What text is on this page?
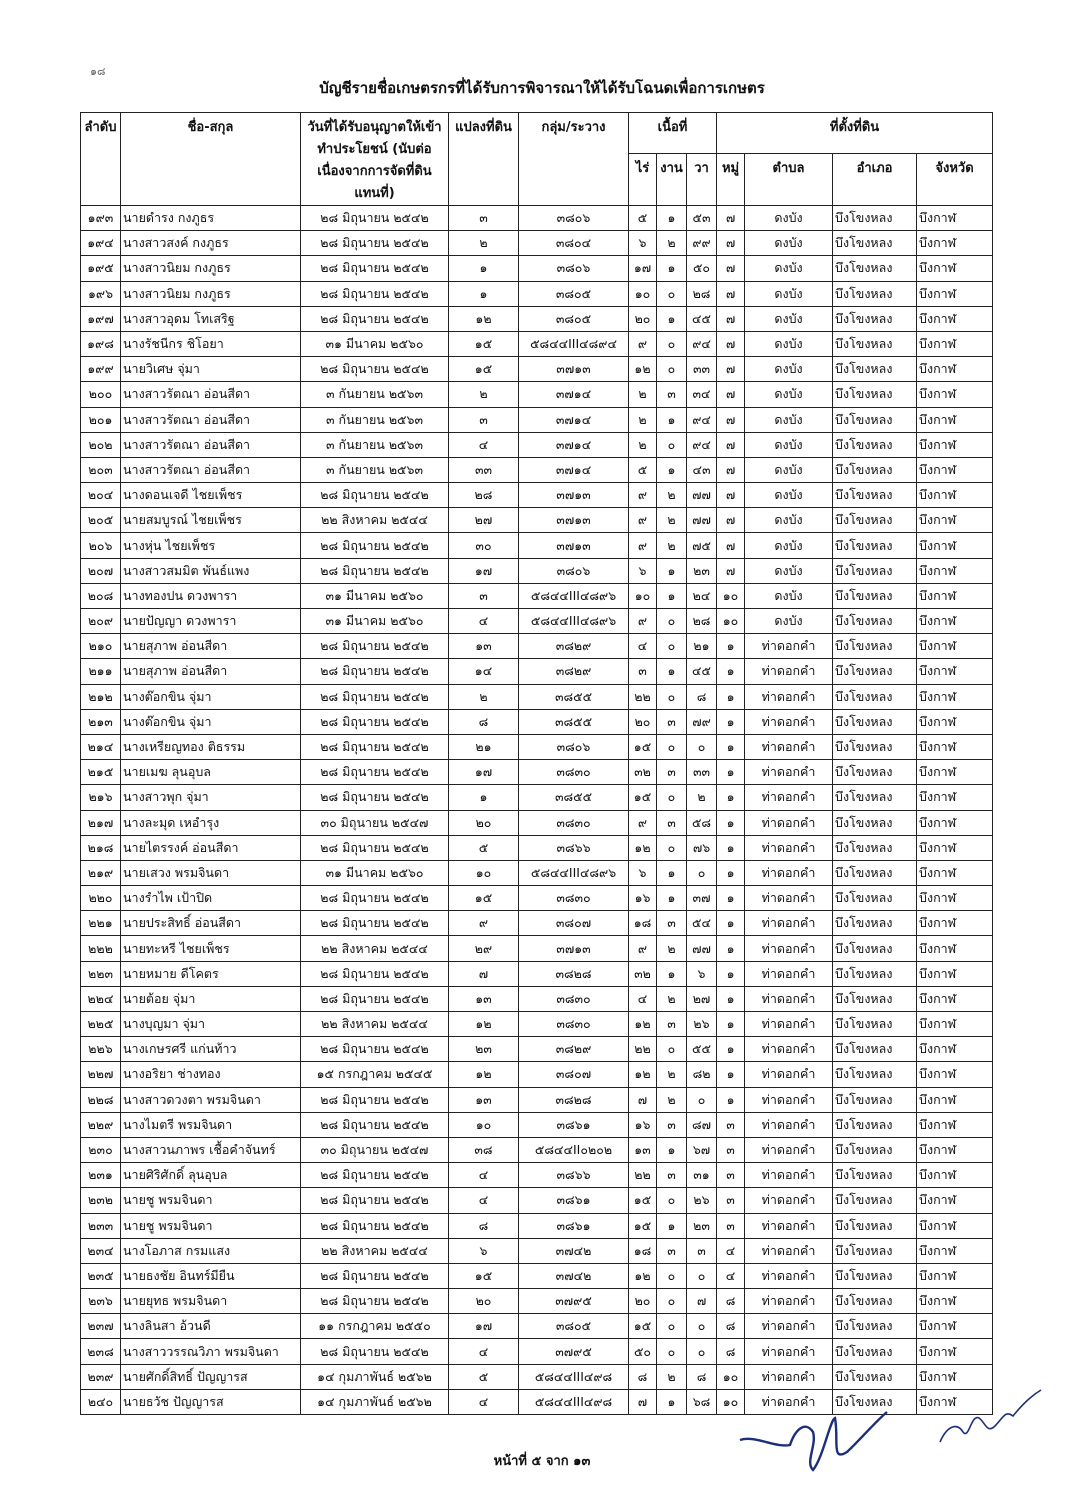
๑๘
บัญชีรายชื่อเกษตรกรที่ได้รับการพิจารณาให้ได้รับโฉนดเพื่อการเกษตร
ลำดับ	ชื่อ-สกุล	วันที่ได้รับอนุญาตให้เข้าทำประโยชน์ (นับต่อเนื่องจากการจัดที่ดินแทนที่)	แปลงที่ดิน	กลุ่ม/ระวาง	เนื้อที่			ที่ตั้งที่ดิน			
					ไร่	งาน	วา	หมู่	ตำบล	อำเภอ	จังหวัด
๑๙๓	นายดำรง กงภูธร	๒๘ มิถุนายน ๒๕๔๒	๓	๓๘๐๖	๕	๑	๕๓	๗	ดงบัง	บึงโขงหลง	บึงกาฬ
๑๙๔	นางสาวสงค์ กงภูธร	๒๘ มิถุนายน ๒๕๔๒	๒	๓๘๐๔	๖	๒	๙๙	๗	ดงบัง	บึงโขงหลง	บึงกาฬ
๑๙๕	นางสาวนิยม กงภูธร	๒๘ มิถุนายน ๒๕๔๒	๑	๓๘๐๖	๑๗	๑	๕๐	๗	ดงบัง	บึงโขงหลง	บึงกาฬ
๑๙๖	นางสาวนิยม กงภูธร	๒๘ มิถุนายน ๒๕๔๒	๑	๓๘๐๕	๑๐	๐	๒๘	๗	ดงบัง	บึงโขงหลง	บึงกาฬ
๑๙๗	นางสาวอุดม โทเสริฐ	๒๘ มิถุนายน ๒๕๔๒	๑๒	๓๘๐๕	๒๐	๑	๔๕	๗	ดงบัง	บึงโขงหลง	บึงกาฬ
๑๙๘	นางรัชนีกร ชิโอยา	๓๑ มีนาคม ๒๕๖๐	๑๕	๕๘๔๔III๔๘๙๔	๙	๐	๙๔	๗	ดงบัง	บึงโขงหลง	บึงกาฬ
๑๙๙	นายวิเศษ จุ่มา	๒๘ มิถุนายน ๒๕๔๒	๑๕	๓๗๑๓	๑๒	๐	๓๓	๗	ดงบัง	บึงโขงหลง	บึงกาฬ
๒๐๐	นางสาวรัตณา อ่อนสีดา	๓ กันยายน ๒๕๖๓	๒	๓๗๑๔	๒	๓	๓๔	๗	ดงบัง	บึงโขงหลง	บึงกาฬ
๒๐๑	นางสาวรัตณา อ่อนสีดา	๓ กันยายน ๒๕๖๓	๓	๓๗๑๔	๒	๑	๙๔	๗	ดงบัง	บึงโขงหลง	บึงกาฬ
๒๐๒	นางสาวรัตณา อ่อนสีดา	๓ กันยายน ๒๕๖๓	๔	๓๗๑๔	๒	๐	๙๔	๗	ดงบัง	บึงโขงหลง	บึงกาฬ
๒๐๓	นางสาวรัตณา อ่อนสีดา	๓ กันยายน ๒๕๖๓	๓๓	๓๗๑๔	๕	๑	๔๓	๗	ดงบัง	บึงโขงหลง	บึงกาฬ
๒๐๔	นางดอนเจดี ไชยเพ็ชร	๒๘ มิถุนายน ๒๕๔๒	๒๘	๓๗๑๓	๙	๒	๗๗	๗	ดงบัง	บึงโขงหลง	บึงกาฬ
๒๐๕	นายสมบูรณ์ ไชยเพ็ชร	๒๒ สิงหาคม ๒๕๔๔	๒๗	๓๗๑๓	๙	๒	๗๗	๗	ดงบัง	บึงโขงหลง	บึงกาฬ
๒๐๖	นางหุ่น ไชยเพ็ชร	๒๘ มิถุนายน ๒๕๔๒	๓๐	๓๗๑๓	๙	๒	๗๕	๗	ดงบัง	บึงโขงหลง	บึงกาฬ
๒๐๗	นางสาวสมมิต พันธ์แพง	๒๘ มิถุนายน ๒๕๔๒	๑๗	๓๘๐๖	๖	๑	๒๓	๗	ดงบัง	บึงโขงหลง	บึงกาฬ
๒๐๘	นางทองปน ดวงพารา	๓๑ มีนาคม ๒๕๖๐	๓	๕๘๔๔III๔๘๙๖	๑๐	๑	๒๔	๑๐	ดงบัง	บึงโขงหลง	บึงกาฬ
๒๐๙	นายปัญญา ดวงพารา	๓๑ มีนาคม ๒๕๖๐	๔	๕๘๔๔III๔๘๙๖	๙	๐	๒๘	๑๐	ดงบัง	บึงโขงหลง	บึงกาฬ
๒๑๐	นายสุภาพ อ่อนสีดา	๒๘ มิถุนายน ๒๕๔๒	๑๓	๓๘๒๙	๔	๐	๒๑	๑	ท่าดอกคำ	บึงโขงหลง	บึงกาฬ
๒๑๑	นายสุภาพ อ่อนสีดา	๒๘ มิถุนายน ๒๕๔๒	๑๔	๓๘๒๙	๓	๑	๔๕	๑	ท่าดอกคำ	บึงโขงหลง	บึงกาฬ
๒๑๒	นางต๊อกขิน จุ่มา	๒๘ มิถุนายน ๒๕๔๒	๒	๓๘๕๕	๒๒	๐	๘	๑	ท่าดอกคำ	บึงโขงหลง	บึงกาฬ
๒๑๓	นางต๊อกขิน จุ่มา	๒๘ มิถุนายน ๒๕๔๒	๘	๓๘๕๕	๒๐	๓	๗๙	๑	ท่าดอกคำ	บึงโขงหลง	บึงกาฬ
๒๑๔	นางเหรียญทอง ติธรรม	๒๘ มิถุนายน ๒๕๔๒	๒๑	๓๘๐๖	๑๕	๐	๐	๑	ท่าดอกคำ	บึงโขงหลง	บึงกาฬ
๒๑๕	นายเมฆ ลุนอุบล	๒๘ มิถุนายน ๒๕๔๒	๑๗	๓๘๓๐	๓๒	๓	๓๓	๑	ท่าดอกคำ	บึงโขงหลง	บึงกาฬ
๒๑๖	นางสาวพุก จุ่มา	๒๘ มิถุนายน ๒๕๔๒	๑	๓๘๕๕	๑๕	๐	๒	๑	ท่าดอกคำ	บึงโขงหลง	บึงกาฬ
๒๑๗	นางละมุด เหอำรุง	๓๐ มิถุนายน ๒๕๔๗	๒๐	๓๘๓๐	๙	๓	๕๘	๑	ท่าดอกคำ	บึงโขงหลง	บึงกาฬ
๒๑๘	นายไตรรงค์ อ่อนสีดา	๒๘ มิถุนายน ๒๕๔๒	๕	๓๘๖๖	๑๒	๐	๗๖	๑	ท่าดอกคำ	บึงโขงหลง	บึงกาฬ
๒๑๙	นายเสวง พรมจินดา	๓๑ มีนาคม ๒๕๖๐	๑๐	๕๘๔๔III๔๘๙๖	๖	๑	๐	๑	ท่าดอกคำ	บึงโขงหลง	บึงกาฬ
๒๒๐	นางรำไพ เป้าปิด	๒๘ มิถุนายน ๒๕๔๒	๑๕	๓๘๓๐	๑๖	๑	๓๗	๑	ท่าดอกคำ	บึงโขงหลง	บึงกาฬ
๒๒๑	นายประสิทธิ์ อ่อนสีดา	๒๘ มิถุนายน ๒๕๔๒	๙	๓๘๐๗	๑๘	๓	๕๔	๑	ท่าดอกคำ	บึงโขงหลง	บึงกาฬ
๒๒๒	นายทะหรี ไชยเพ็ชร	๒๒ สิงหาคม ๒๕๔๔	๒๙	๓๗๑๓	๙	๒	๗๗	๑	ท่าดอกคำ	บึงโขงหลง	บึงกาฬ
๒๒๓	นายหมาย ดีโคตร	๒๘ มิถุนายน ๒๕๔๒	๗	๓๘๒๘	๓๒	๑	๖	๑	ท่าดอกคำ	บึงโขงหลง	บึงกาฬ
๒๒๔	นายต้อย จุ่มา	๒๘ มิถุนายน ๒๕๔๒	๑๓	๓๘๓๐	๔	๒	๒๗	๑	ท่าดอกคำ	บึงโขงหลง	บึงกาฬ
๒๒๕	นางบุญมา จุ่มา	๒๒ สิงหาคม ๒๕๔๔	๑๒	๓๘๓๐	๑๒	๓	๒๖	๑	ท่าดอกคำ	บึงโขงหลง	บึงกาฬ
๒๒๖	นางเกษรศรี แก่นท้าว	๒๘ มิถุนายน ๒๕๔๒	๒๓	๓๘๒๙	๒๒	๐	๕๕	๑	ท่าดอกคำ	บึงโขงหลง	บึงกาฬ
๒๒๗	นางอริยา ช่างทอง	๑๕ กรกฎาคม ๒๕๔๕	๑๒	๓๘๐๗	๑๒	๒	๘๒	๑	ท่าดอกคำ	บึงโขงหลง	บึงกาฬ
๒๒๘	นางสาวดวงตา พรมจินดา	๒๘ มิถุนายน ๒๕๔๒	๑๓	๓๘๒๘	๗	๒	๐	๑	ท่าดอกคำ	บึงโขงหลง	บึงกาฬ
๒๒๙	นางไมตรี พรมจินดา	๒๘ มิถุนายน ๒๕๔๒	๑๐	๓๘๖๑	๑๖	๓	๘๗	๓	ท่าดอกคำ	บึงโขงหลง	บึงกาฬ
๒๓๐	นางสาวนภาพร เชื้อคำจันทร์	๓๐ มิถุนายน ๒๕๔๗	๓๘	๕๘๔๔II๐๒๐๒	๑๓	๑	๖๗	๓	ท่าดอกคำ	บึงโขงหลง	บึงกาฬ
๒๓๑	นายศิริศักดิ์ ลุนอุบล	๒๘ มิถุนายน ๒๕๔๒	๔	๓๘๖๖	๒๒	๓	๓๑	๓	ท่าดอกคำ	บึงโขงหลง	บึงกาฬ
๒๓๒	นายชู พรมจินดา	๒๘ มิถุนายน ๒๕๔๒	๔	๓๘๖๑	๑๕	๐	๒๖	๓	ท่าดอกคำ	บึงโขงหลง	บึงกาฬ
๒๓๓	นายชู พรมจินดา	๒๘ มิถุนายน ๒๕๔๒	๘	๓๘๖๑	๑๕	๑	๒๓	๓	ท่าดอกคำ	บึงโขงหลง	บึงกาฬ
๒๓๔	นางโอภาส กรมแสง	๒๒ สิงหาคม ๒๕๔๔	๖	๓๗๔๒	๑๘	๓	๓	๔	ท่าดอกคำ	บึงโขงหลง	บึงกาฬ
๒๓๕	นายธงชัย อินทร์มียืน	๒๘ มิถุนายน ๒๕๔๒	๑๕	๓๗๔๒	๑๒	๐	๐	๔	ท่าดอกคำ	บึงโขงหลง	บึงกาฬ
๒๓๖	นายยุทธ พรมจินดา	๒๘ มิถุนายน ๒๕๔๒	๒๐	๓๗๙๕	๒๐	๐	๗	๘	ท่าดอกคำ	บึงโขงหลง	บึงกาฬ
๒๓๗	นางลินสา อ้วนดี	๑๑ กรกฎาคม ๒๕๕๐	๑๗	๓๘๐๕	๑๕	๐	๐	๘	ท่าดอกคำ	บึงโขงหลง	บึงกาฬ
๒๓๘	นางสาววรรณวิภา พรมจินดา	๒๘ มิถุนายน ๒๕๔๒	๔	๓๗๙๕	๕๐	๐	๐	๘	ท่าดอกคำ	บึงโขงหลง	บึงกาฬ
๒๓๙	นายศักดิ์สิทธิ์ ปัญญารส	๑๔ กุมภาพันธ์ ๒๕๖๒	๕	๕๘๔๔III๔๙๘	๘	๒	๘	๑๐	ท่าดอกคำ	บึงโขงหลง	บึงกาฬ
๒๔๐	นายธวัช ปัญญารส	๑๔ กุมภาพันธ์ ๒๕๖๒	๔	๕๘๔๔III๔๙๘	๗	๑	๖๘	๑๐	ท่าดอกคำ	บึงโขงหลง	บึงกาฬ
หน้าที่ ๕ จาก ๑๓
